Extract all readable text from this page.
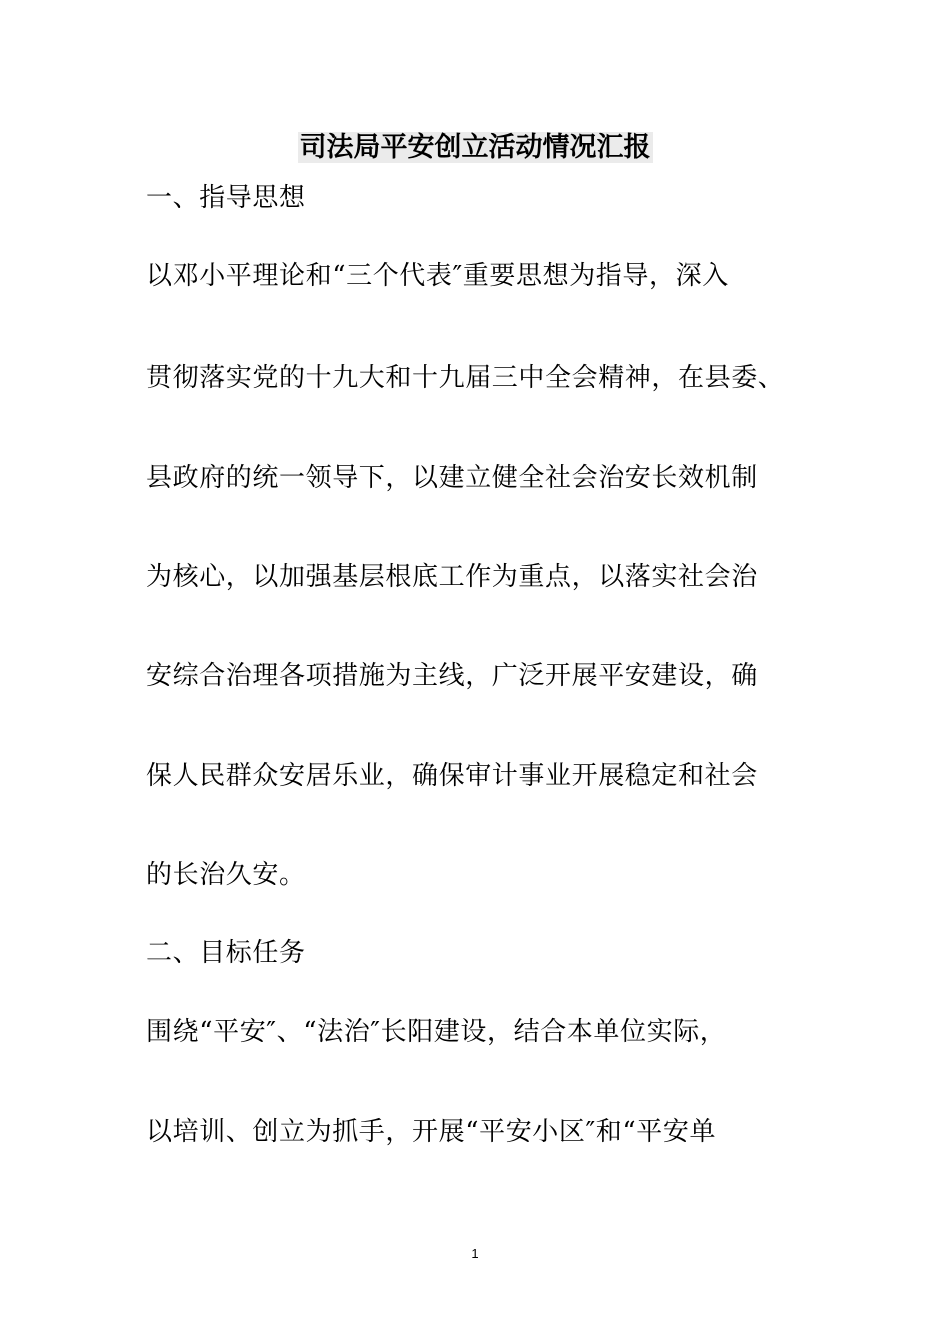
司法局平安创立活动情况汇报
一、指导思想
以邓小平理论和“三个代表″重要思想为指导，深入
贯彻落实党的十九大和十九届三中全会精神，在县委、
县政府的统一领导下，以建立健全社会治安长效机制
为核心，以加强基层根底工作为重点，以落实社会治
安综合治理各项措施为主线，广泛开展平安建设，确
保人民群众安居乐业，确保审计事业开展稳定和社会
的长治久安。
二、目标任务
围绕“平安″、“法治″长阳建设，结合本单位实际，
以培训、创立为抓手，开展“平安小区″和“平安单
1
